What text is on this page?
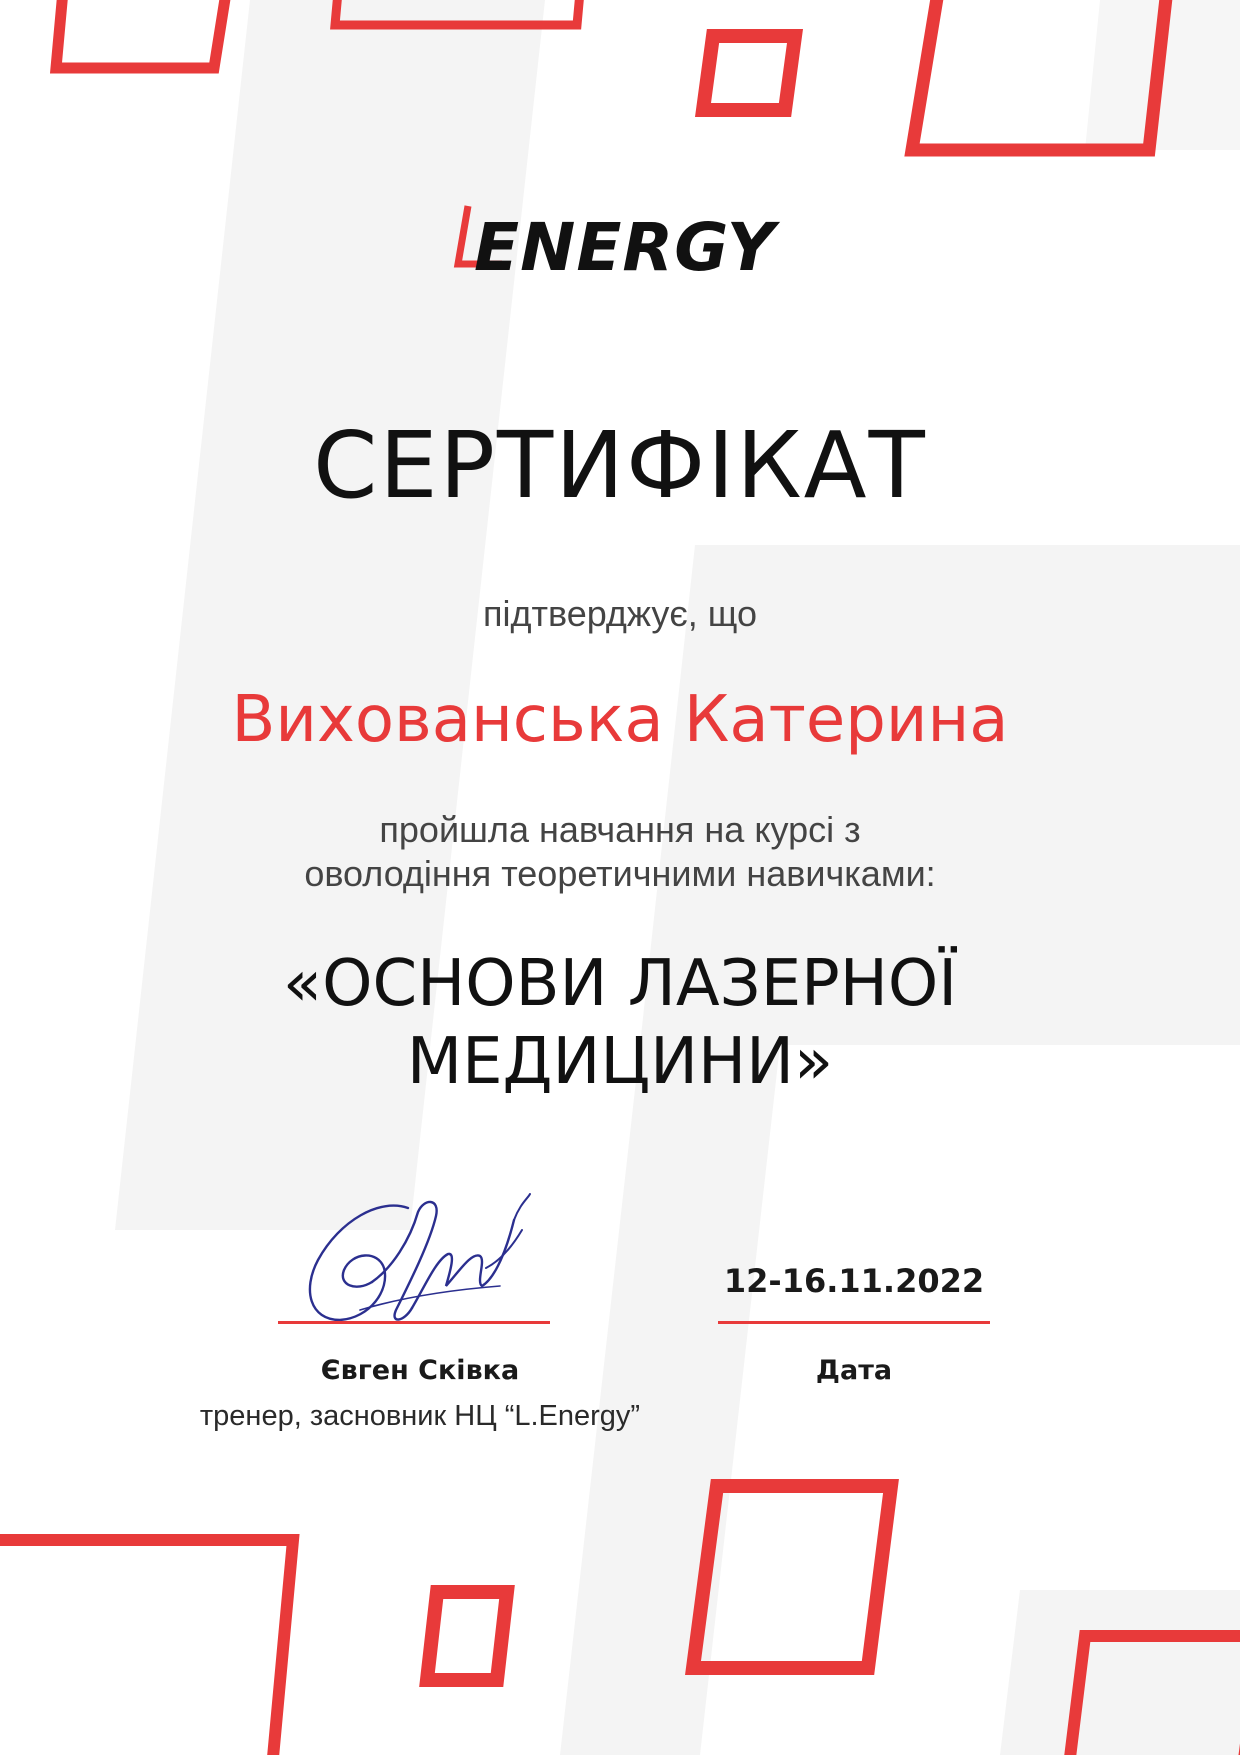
ENERGY
СЕРТИФІКАТ
підтверджує, що
Вихованська Катерина
пройшла навчання на курсі з
оволодіння теоретичними навичками:
«ОСНОВИ ЛАЗЕРНОЇ
МЕДИЦИНИ»
12-16.11.2022
Євген Сківка
тренер, засновник НЦ “L.Energy”
Дата
